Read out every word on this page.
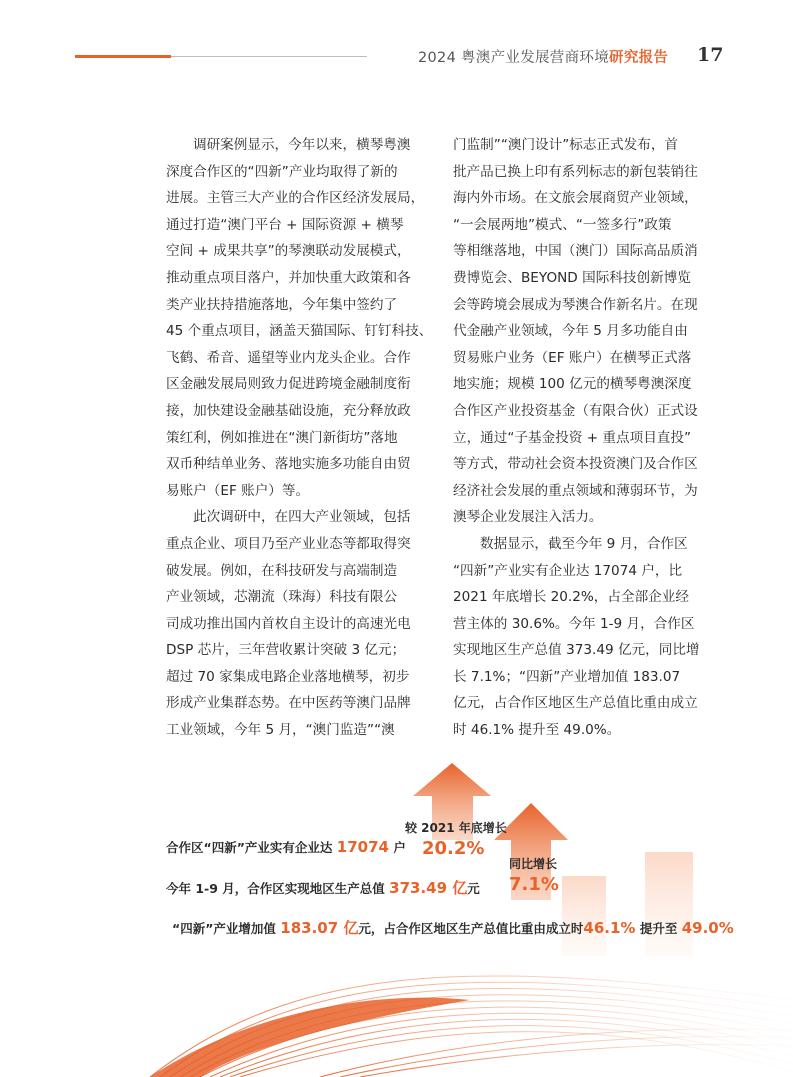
2024 粤澳产业发展营商环境研究报告 17

调研案例显示，今年以来，横琴粤澳
深度合作区的“四新”产业均取得了新的
进展。主管三大产业的合作区经济发展局，
通过打造“澳门平台 + 国际资源 + 横琴
空间 + 成果共享”的琴澳联动发展模式，
推动重点项目落户，并加快重大政策和各
类产业扶持措施落地，今年集中签约了
45 个重点项目，涵盖天猫国际、钉钉科技、
飞鹤、希音、遥望等业内龙头企业。合作
区金融发展局则致力促进跨境金融制度衔
接，加快建设金融基础设施，充分释放政
策红利，例如推进在“澳门新街坊”落地
双币种结单业务、落地实施多功能自由贸
易账户（EF 账户）等。

此次调研中，在四大产业领域，包括
重点企业、项目乃至产业业态等都取得突
破发展。例如，在科技研发与高端制造
产业领域，芯潮流（珠海）科技有限公
司成功推出国内首枚自主设计的高速光电
DSP 芯片，三年营收累计突破 3 亿元；
超过 70 家集成电路企业落地横琴，初步
形成产业集群态势。在中医药等澳门品牌
工业领域，今年 5 月，“澳门监造”“澳

门监制”“澳门设计”标志正式发布，首
批产品已换上印有系列标志的新包装销往
海内外市场。在文旅会展商贸产业领域，
“一会展两地”模式、“一签多行”政策
等相继落地，中国（澳门）国际高品质消
费博览会、BEYOND 国际科技创新博览
会等跨境会展成为琴澳合作新名片。在现
代金融产业领域，今年 5 月多功能自由
贸易账户业务（EF 账户）在横琴正式落
地实施；规模 100 亿元的横琴粤澳深度
合作区产业投资基金（有限合伙）正式设
立，通过“子基金投资 + 重点项目直投”
等方式，带动社会资本投资澳门及合作区
经济社会发展的重点领域和薄弱环节，为
澳琴企业发展注入活力。

数据显示，截至今年 9 月，合作区
“四新”产业实有企业达 17074 户，比
2021 年底增长 20.2%，占全部企业经
营主体的 30.6%。今年 1-9 月，合作区
实现地区生产总值 373.49 亿元，同比增
长 7.1%；“四新”产业增加值 183.07
亿元，占合作区地区生产总值比重由成立
时 46.1% 提升至 49.0%。

较 2021 年底增长
20.2%
同比增长
7.1%
合作区“四新”产业实有企业达 17074 户
今年 1-9 月，合作区实现地区生产总值 373.49 亿元
“四新”产业增加值 183.07 亿元，占合作区地区生产总值比重由成立时46.1% 提升至 49.0%
